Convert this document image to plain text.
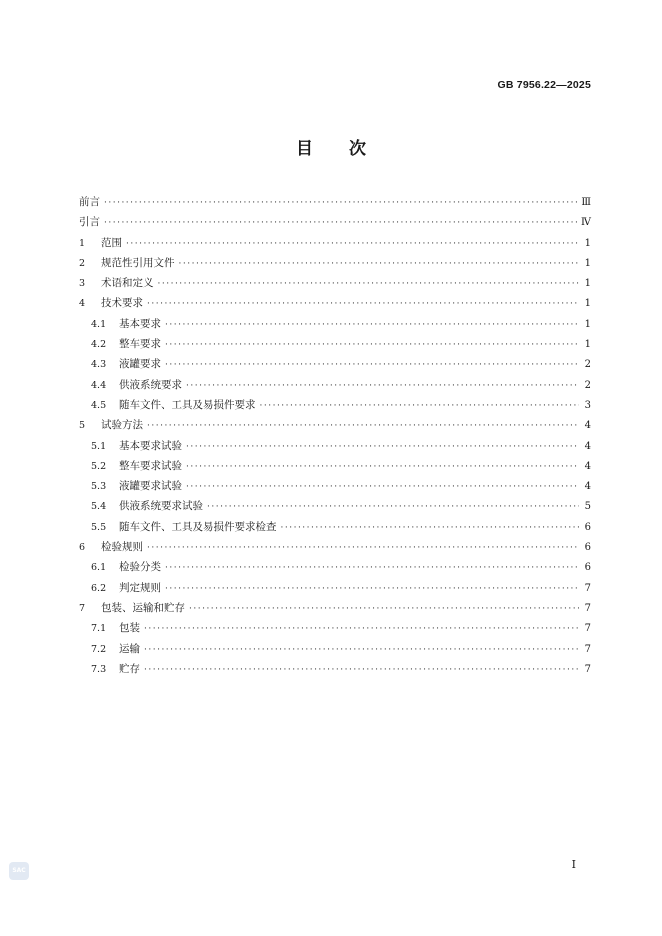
GB 7956.22—2025
目 次
前言 ·····	Ⅲ
引言 ·····	Ⅳ
1	范围 ·····	1
2	规范性引用文件 ·····	1
3	术语和定义 ·····	1
4	技术要求 ·····	1
4.1	基本要求 ·····	1
4.2	整车要求 ·····	1
4.3	液罐要求 ·····	2
4.4	供液系统要求 ·····	2
4.5	随车文件、工具及易损件要求 ·····	3
5	试验方法 ·····	4
5.1	基本要求试验 ·····	4
5.2	整车要求试验 ·····	4
5.3	液罐要求试验 ·····	4
5.4	供液系统要求试验 ·····	5
5.5	随车文件、工具及易损件要求检查 ·····	6
6	检验规则 ·····	6
6.1	检验分类 ·····	6
6.2	判定规则 ·····	7
7	包装、运输和贮存 ·····	7
7.1	包装 ·····	7
7.2	运输 ·····	7
7.3	贮存 ·····	7
Ⅰ
SAC
